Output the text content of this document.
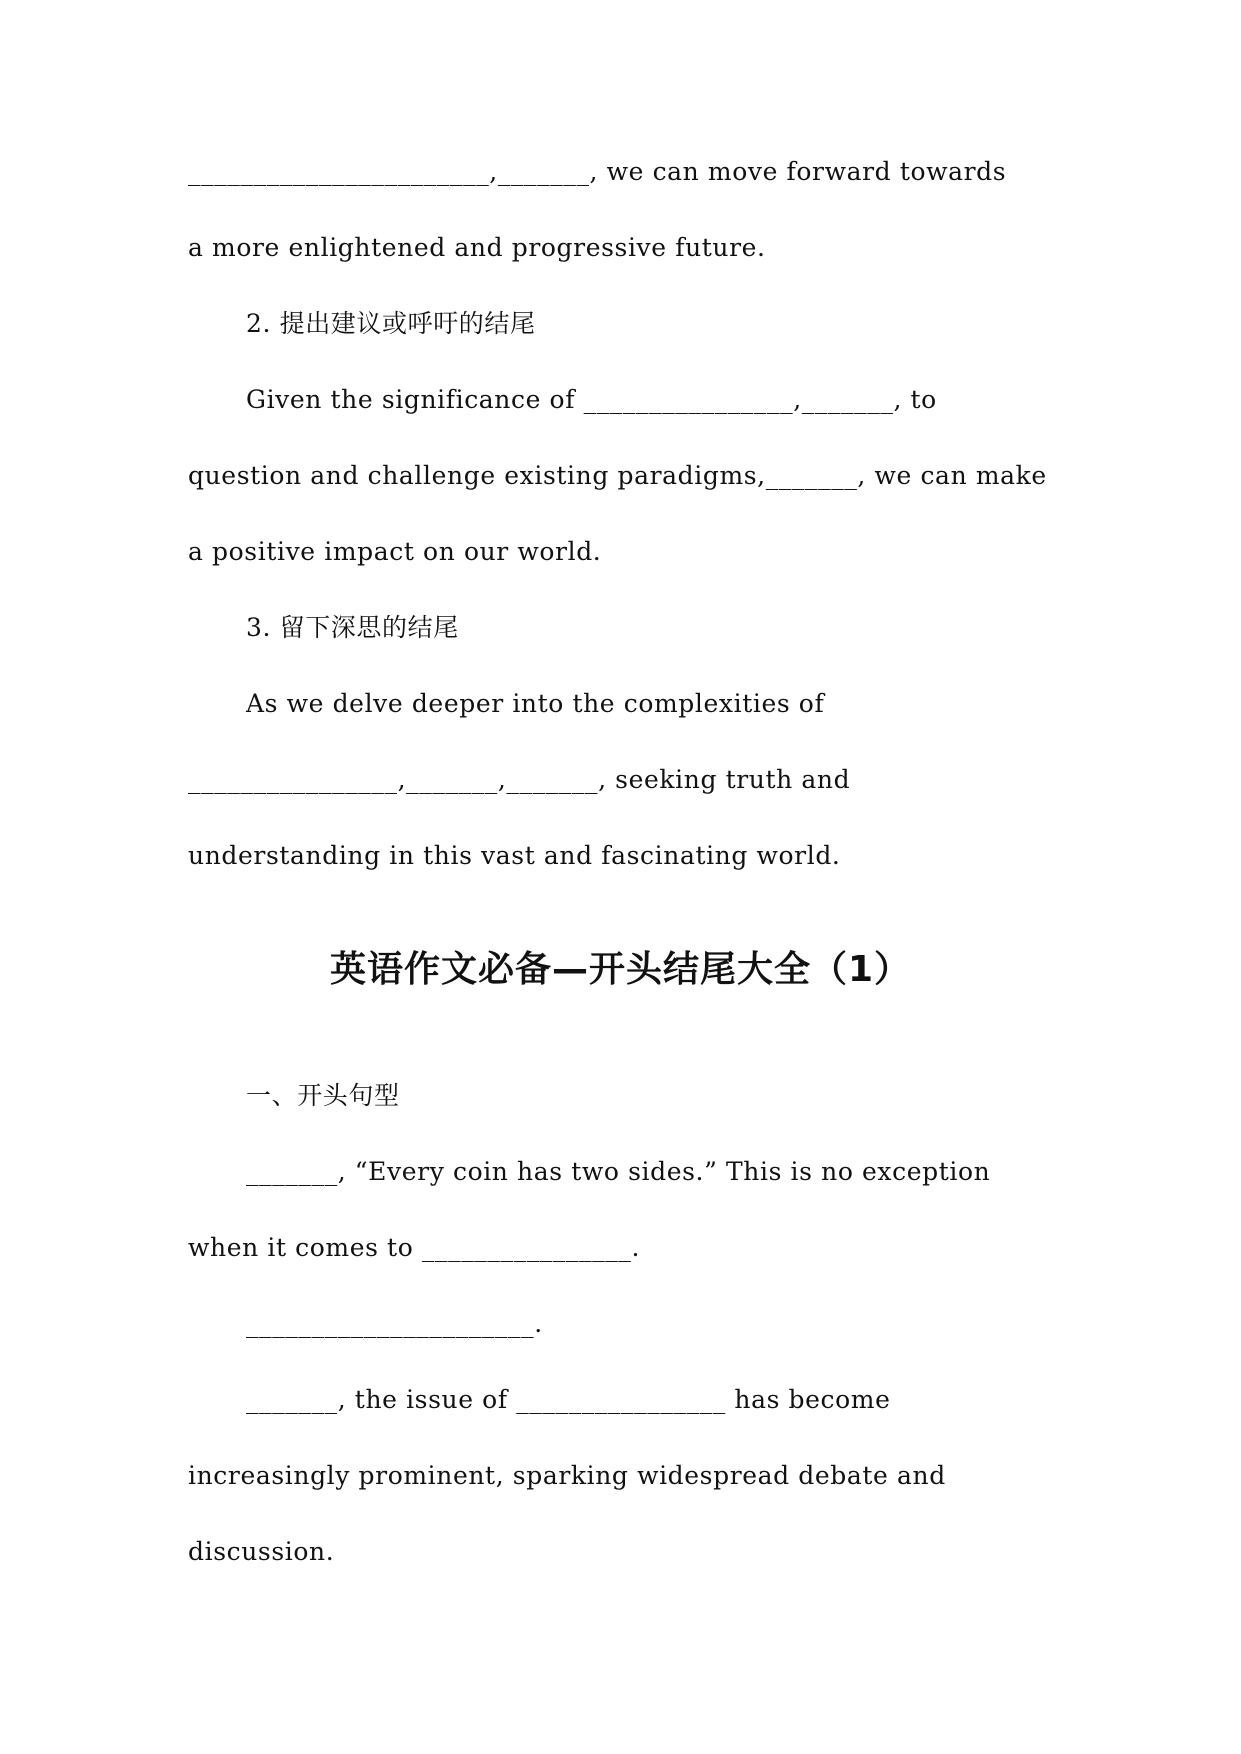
_______________________,_______, we can move forward towards
a more enlightened and progressive future.
2. 提出建议或呼吁的结尾
Given the significance of ________________,_______, to
question and challenge existing paradigms,_______, we can make
a positive impact on our world.
3. 留下深思的结尾
As we delve deeper into the complexities of
________________,_______,_______, seeking truth and
understanding in this vast and fascinating world.
英语作文必备—开头结尾大全（1）
一、开头句型
_______, “Every coin has two sides.” This is no exception
when it comes to ________________.
______________________.
_______, the issue of ________________ has become
increasingly prominent, sparking widespread debate and
discussion.
